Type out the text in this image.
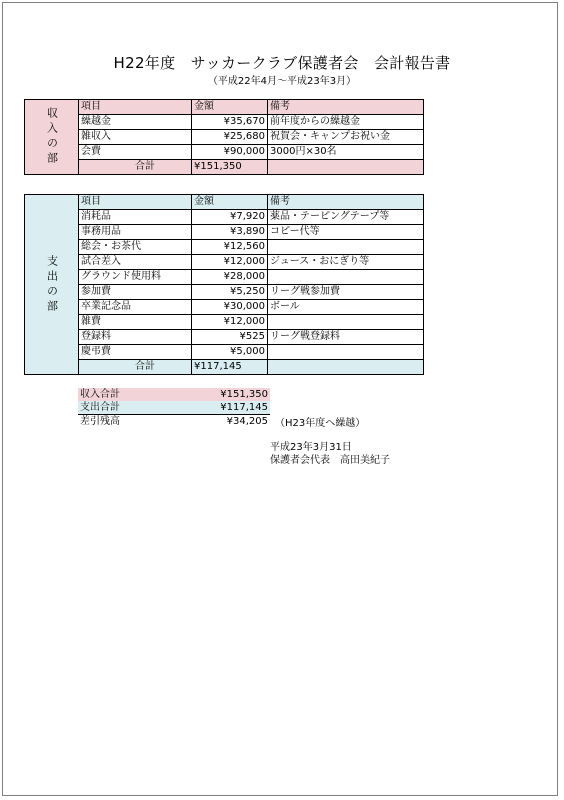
H22年度　サッカークラブ保護者会　会計報告書
（平成22年4月～平成23年3月）
収入の部	項目	金額	備考
	繰越金	¥35,670	前年度からの繰越金
	雑収入	¥25,680	祝賀会・キャンプお祝い金
	会費	¥90,000	3000円×30名
	合計	¥151,350	
支出の部	項目	金額	備考
	消耗品	¥7,920	薬品・テーピングテープ等
	事務用品	¥3,890	コピー代等
	総会・お茶代	¥12,560	
	試合差入	¥12,000	ジュース・おにぎり等
	グラウンド使用料	¥28,000	
	参加費	¥5,250	リーグ戦参加費
	卒業記念品	¥30,000	ボール
	雑費	¥12,000	
	登録料	¥525	リーグ戦登録料
	慶弔費	¥5,000	
	合計	¥117,145	
収入合計	¥151,350
支出合計	¥117,145
差引残高	¥34,205 （H23年度へ繰越）
平成23年3月31日
保護者会代表　高田美紀子
